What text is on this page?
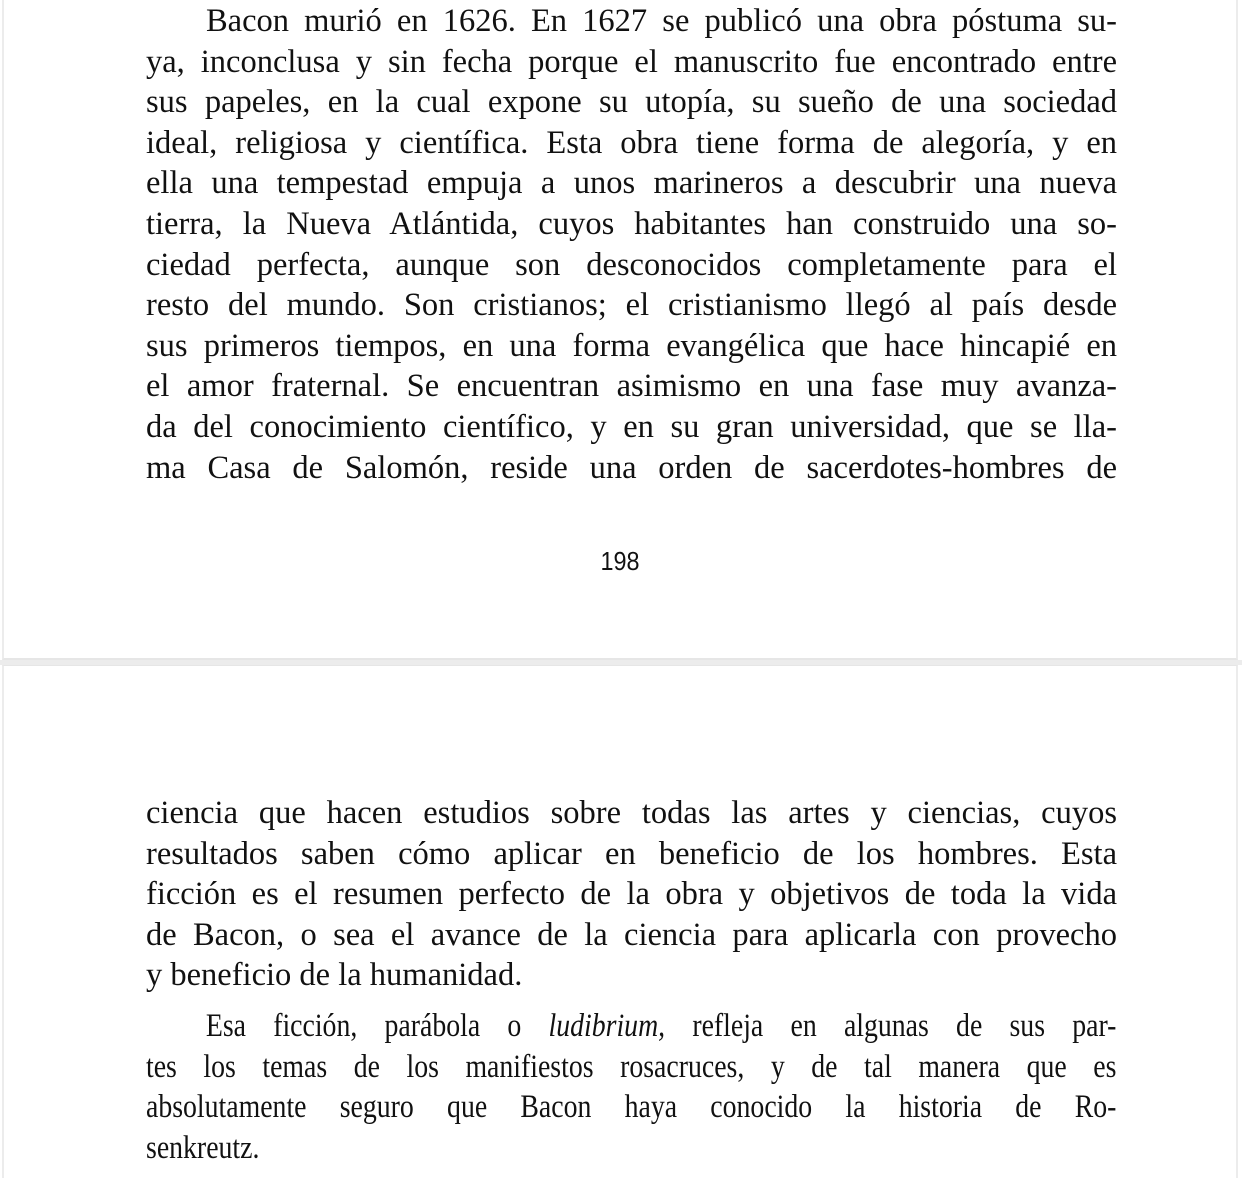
Bacon murió en 1626. En 1627 se publicó una obra póstuma su-
ya, inconclusa y sin fecha porque el manuscrito fue encontrado entre
sus papeles, en la cual expone su utopía, su sueño de una sociedad
ideal, religiosa y científica. Esta obra tiene forma de alegoría, y en
ella una tempestad empuja a unos marineros a descubrir una nueva
tierra, la Nueva Atlántida, cuyos habitantes han construido una so-
ciedad perfecta, aunque son desconocidos completamente para el
resto del mundo. Son cristianos; el cristianismo llegó al país desde
sus primeros tiempos, en una forma evangélica que hace hincapié en
el amor fraternal. Se encuentran asimismo en una fase muy avanza-
da del conocimiento científico, y en su gran universidad, que se lla-
ma Casa de Salomón, reside una orden de sacerdotes-hombres de
198
ciencia que hacen estudios sobre todas las artes y ciencias, cuyos
resultados saben cómo aplicar en beneficio de los hombres. Esta
ficción es el resumen perfecto de la obra y objetivos de toda la vida
de Bacon, o sea el avance de la ciencia para aplicarla con provecho
y beneficio de la humanidad.
Esa ficción, parábola o ludibrium, refleja en algunas de sus par-
tes los temas de los manifiestos rosacruces, y de tal manera que es
absolutamente seguro que Bacon haya conocido la historia de Ro-
senkreutz.
